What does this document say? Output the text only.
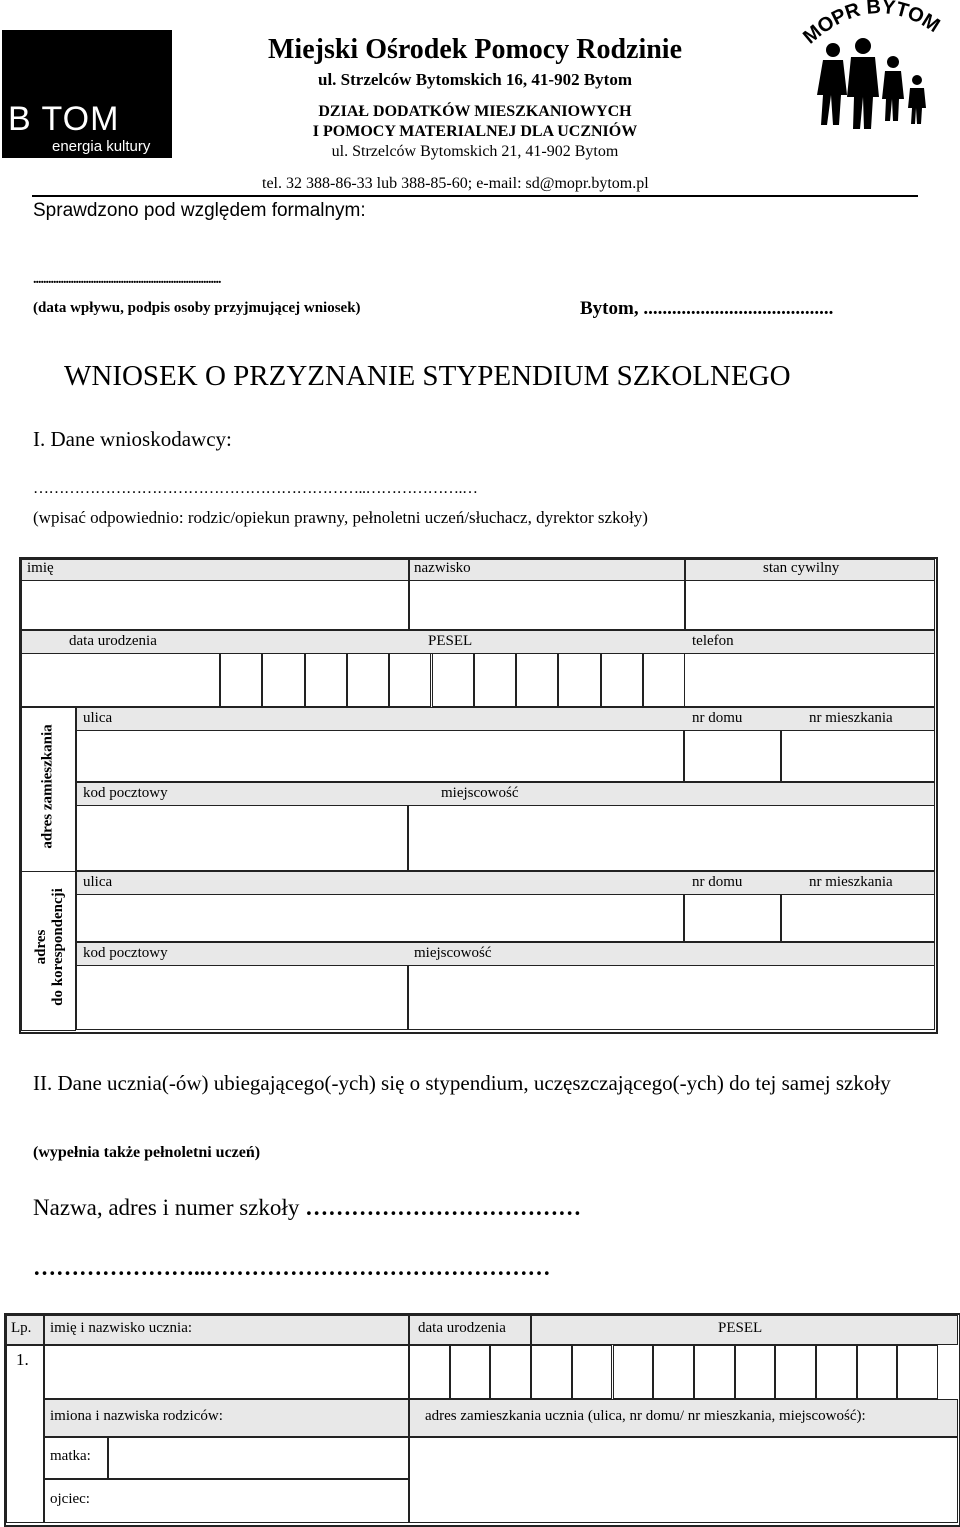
B TOM
energia kultury
MOPR BYTOM
Miejski Ośrodek Pomocy Rodzinie
ul. Strzelców Bytomskich 16, 41-902 Bytom
DZIAŁ DODATKÓW MIESZKANIOWYCH
I POMOCY MATERIALNEJ DLA UCZNIÓW
ul. Strzelców Bytomskich 21, 41-902 Bytom
tel. 32 388-86-33 lub 388-85-60; e-mail: sd@mopr.bytom.pl
Sprawdzono pod względem formalnym:
...........................................................................
(data wpływu, podpis osoby przyjmującej wniosek)	Bytom, ........................................
WNIOSEK O PRZYZNANIE STYPENDIUM SZKOLNEGO
I. Dane wnioskodawcy:
………………………………………………………..……………….…
(wpisać odpowiednio: rodzic/opiekun prawny, pełnoletni uczeń/słuchacz, dyrektor szkoły)
imię	nazwisko	stan cywilny
data urodzenia	PESEL	telefon
adres zamieszkania
ulica	nr domu	nr mieszkania
kod pocztowy	miejscowość
adres do korespondencji
ulica	nr domu	nr mieszkania
kod pocztowy	miejscowość
II. Dane ucznia(-ów) ubiegającego(-ych) się o stypendium, uczęszczającego(-ych) do tej samej szkoły
(wypełnia także pełnoletni uczeń)
Nazwa, adres i numer szkoły ………………………………
…………………..………………………………………
Lp. imię i nazwisko ucznia:	data urodzenia	PESEL
1.
imiona i nazwiska rodziców:	adres zamieszkania ucznia (ulica, nr domu/ nr mieszkania, miejscowość):
matka:
ojciec:
